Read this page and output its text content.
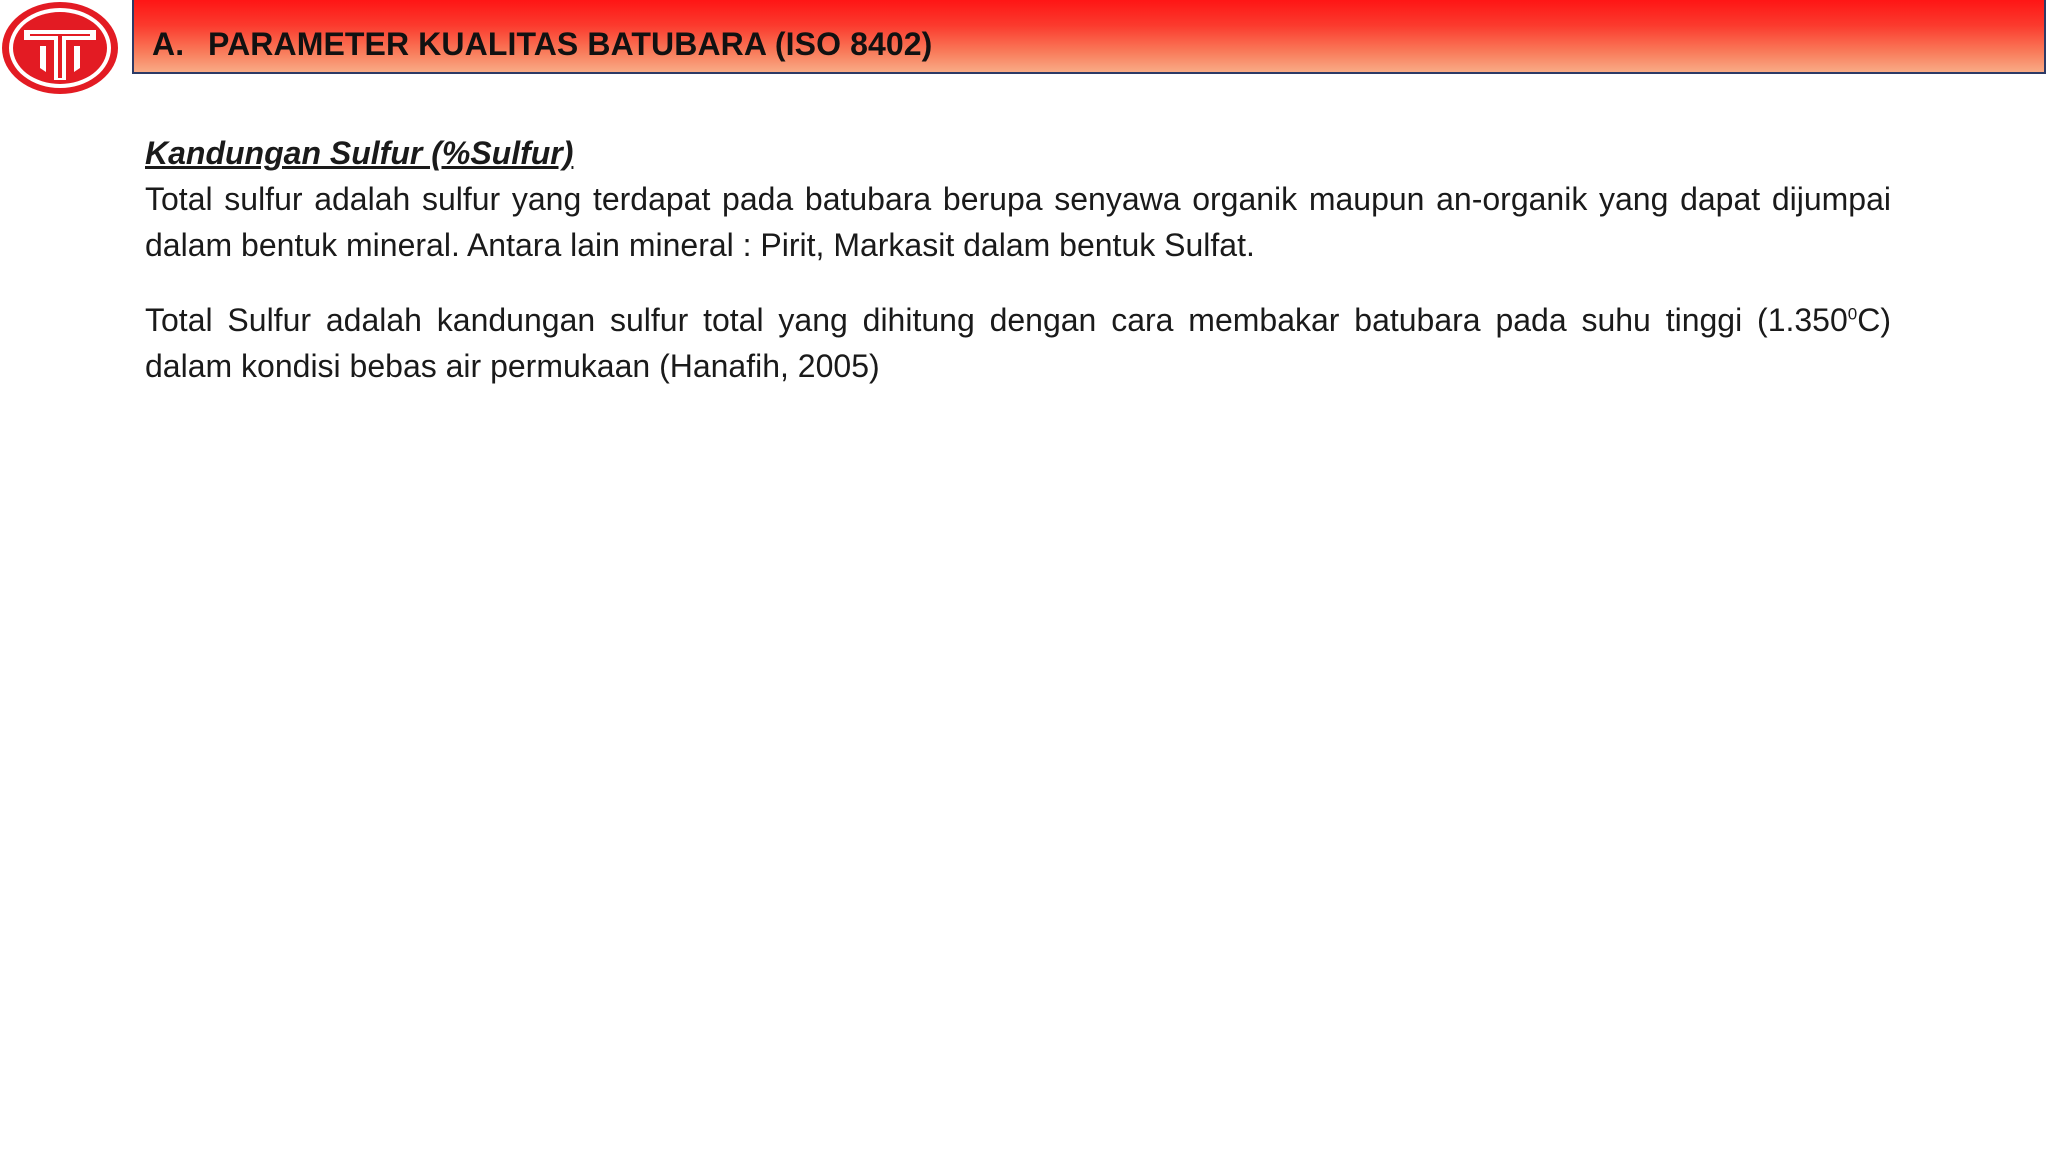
A. PARAMETER KUALITAS BATUBARA (ISO 8402)

Kandungan Sulfur (%Sulfur)

Total sulfur adalah sulfur yang terdapat pada batubara berupa senyawa organik maupun an-organik yang dapat dijumpai dalam bentuk mineral. Antara lain mineral : Pirit, Markasit dalam bentuk Sulfat.

Total Sulfur adalah kandungan sulfur total yang dihitung dengan cara membakar batubara pada suhu tinggi (1.350$^0$C) dalam kondisi bebas air permukaan (Hanafih, 2005)
